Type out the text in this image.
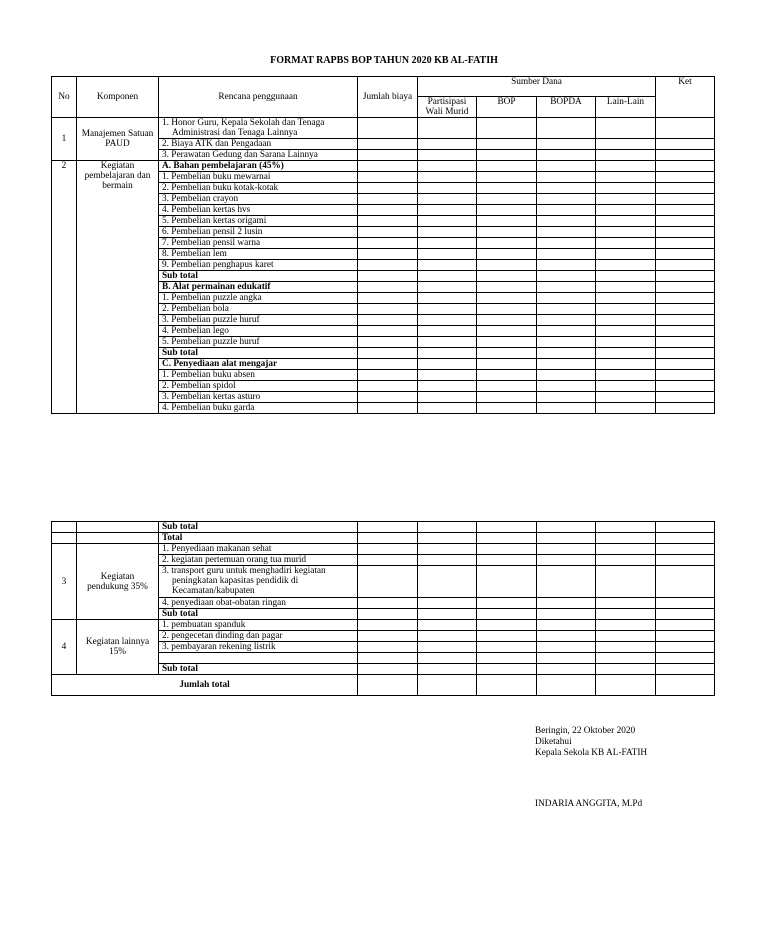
FORMAT RAPBS BOP TAHUN 2020 KB AL-FATIH
No	Komponen	Rencana penggunaan	Jumlah biaya	Sumber Dana				Ket
				Partisipasi Wali Murid	BOP	BOPDA	Lain-Lain	
1	Manajemen Satuan PAUD	1. Honor Guru, Kepala Sekolah dan Tenaga Administrasi dan Tenaga Lainnya						
		2. Biaya ATK dan Pengadaan						
		3. Perawatan Gedung dan Sarana Lainnya						
2	Kegiatan pembelajaran dan bermain	A. Bahan pembelajaran (45%)						
		1. Pembelian buku mewarnai						
		2. Pembelian buku kotak-kotak						
		3. Pembelian crayon						
		4. Pembelian kertas hvs						
		5. Pembelian kertas origami						
		6. Pembelian pensil 2 lusin						
		7. Pembelian pensil warna						
		8. Pembelian lem						
		9. Pembelian penghapus karet						
		Sub total						
		B. Alat permainan edukatif						
		1. Pembelian puzzle angka						
		2. Pembelian bola						
		3. Pembelian puzzle huruf						
		4. Pembelian lego						
		5. Pembelian puzzle huruf						
		Sub total						
		C. Penyediaan alat mengajar						
		1. Pembelian buku absen						
		2. Pembelian spidol						
		3. Pembelian kertas asturo						
		4. Pembelian buku garda						
		Sub total						
		Total						
3	Kegiatan pendukung 35%	1. Penyediaan makanan sehat						
		2. kegiatan pertemuan orang tua murid						
		3. transport guru untuk menghadiri kegiatan peningkatan kapasitas pendidik di Kecamatan/kabupaten						
		4. penyediaan obat-obatan ringan						
		Sub total						
4	Kegiatan lainnya 15%	1. pembuatan spanduk						
		2. pengecetan dinding dan pagar						
		3. pembayaran rekening listrik						

		Sub total						
Jumlah total								
Beringin, 22 Oktober 2020
Diketahui
Kepala Sekola KB AL-FATIH
INDARIA ANGGITA, M.Pd
